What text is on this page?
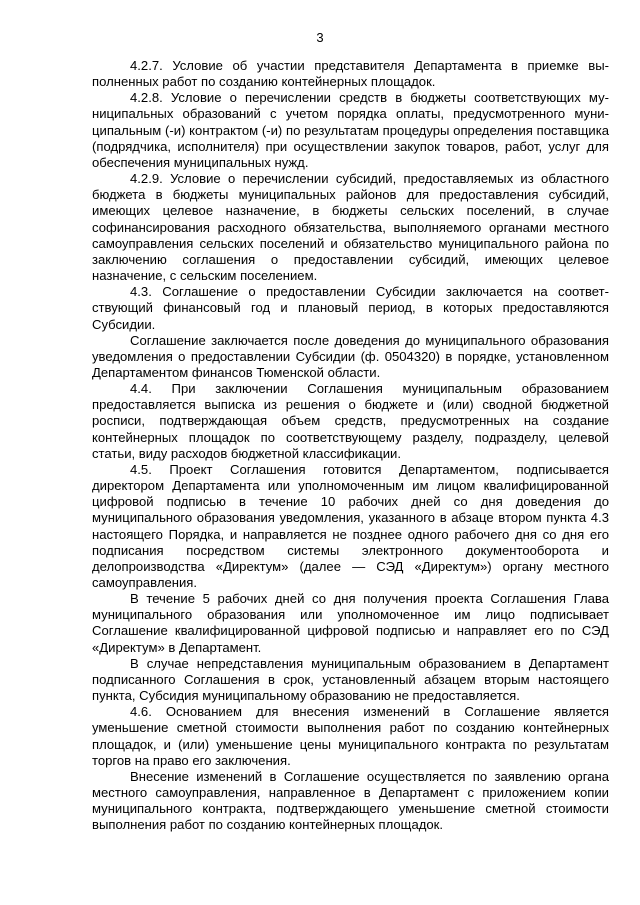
3

4.2.7. Условие об участии представителя Департамента в приемке выполненных работ по созданию контейнерных площадок.

4.2.8. Условие о перечислении средств в бюджеты соответствующих муниципальных образований с учетом порядка оплаты, предусмотренного муниципальным (-и) контрактом (-и) по результатам процедуры определения поставщика (подрядчика, исполнителя) при осуществлении закупок товаров, работ, услуг для обеспечения муниципальных нужд.

4.2.9. Условие о перечислении субсидий, предоставляемых из областного бюджета в бюджеты муниципальных районов для предоставления субсидий, имеющих целевое назначение, в бюджеты сельских поселений, в случае софинансирования расходного обязательства, выполняемого органами местного самоуправления сельских поселений и обязательство муниципального района по заключению соглашения о предоставлении субсидий, имеющих целевое назначение, с сельским поселением.

4.3. Соглашение о предоставлении Субсидии заключается на соответствующий финансовый год и плановый период, в которых предоставляются Субсидии.

Соглашение заключается после доведения до муниципального образования уведомления о предоставлении Субсидии (ф. 0504320) в порядке, установленном Департаментом финансов Тюменской области.

4.4. При заключении Соглашения муниципальным образованием предоставляется выписка из решения о бюджете и (или) сводной бюджетной росписи, подтверждающая объем средств, предусмотренных на создание контейнерных площадок по соответствующему разделу, подразделу, целевой статьи, виду расходов бюджетной классификации.

4.5. Проект Соглашения готовится Департаментом, подписывается директором Департамента или уполномоченным им лицом квалифицированной цифровой подписью в течение 10 рабочих дней со дня доведения до муниципального образования уведомления, указанного в абзаце втором пункта 4.3 настоящего Порядка, и направляется не позднее одного рабочего дня со дня его подписания посредством системы электронного документооборота и делопроизводства «Директум» (далее — СЭД «Директум») органу местного самоуправления.

В течение 5 рабочих дней со дня получения проекта Соглашения Глава муниципального образования или уполномоченное им лицо подписывает Соглашение квалифицированной цифровой подписью и направляет его по СЭД «Директум» в Департамент.

В случае непредставления муниципальным образованием в Департамент подписанного Соглашения в срок, установленный абзацем вторым настоящего пункта, Субсидия муниципальному образованию не предоставляется.

4.6. Основанием для внесения изменений в Соглашение является уменьшение сметной стоимости выполнения работ по созданию контейнерных площадок, и (или) уменьшение цены муниципального контракта по результатам торгов на право его заключения.

Внесение изменений в Соглашение осуществляется по заявлению органа местного самоуправления, направленное в Департамент с приложением копии муниципального контракта, подтверждающего уменьшение сметной стоимости выполнения работ по созданию контейнерных площадок.
